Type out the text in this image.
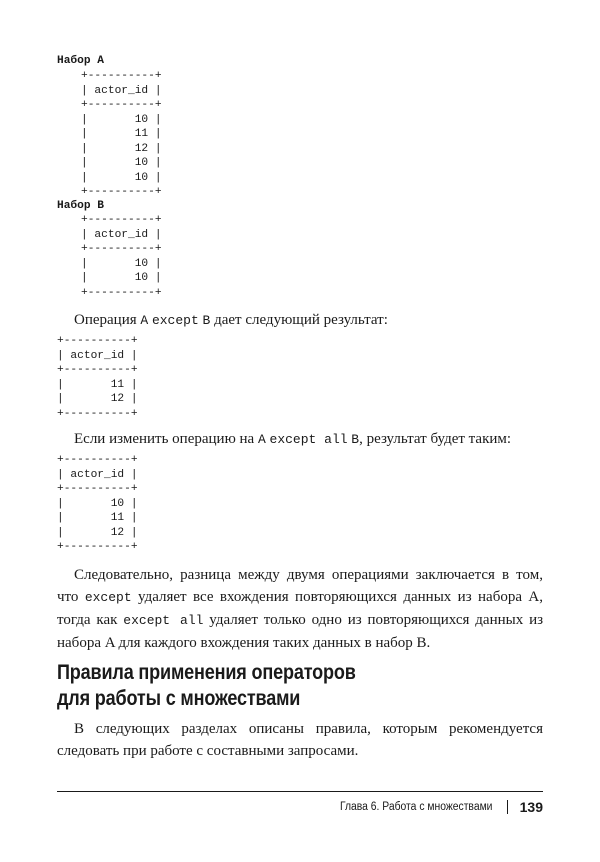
Набор A
+----------+
| actor_id |
+----------+
|       10 |
|       11 |
|       12 |
|       10 |
|       10 |
+----------+
Набор B
+----------+
| actor_id |
+----------+
|       10 |
|       10 |
+----------+

Операция A except B дает следующий результат:

+----------+
| actor_id |
+----------+
|       11 |
|       12 |
+----------+

Если изменить операцию на A except all B, результат будет таким:

+----------+
| actor_id |
+----------+
|       10 |
|       11 |
|       12 |
+----------+

Следовательно, разница между двумя операциями заключается в том, что except удаляет все вхождения повторяющихся данных из набора A, тогда как except all удаляет только одно из повторяющихся данных из набора A для каждого вхождения таких данных в набор B.

Правила применения операторов
для работы с множествами

В следующих разделах описаны правила, которым рекомендуется следовать при работе с составными запросами.

Глава 6. Работа с множествами 139
